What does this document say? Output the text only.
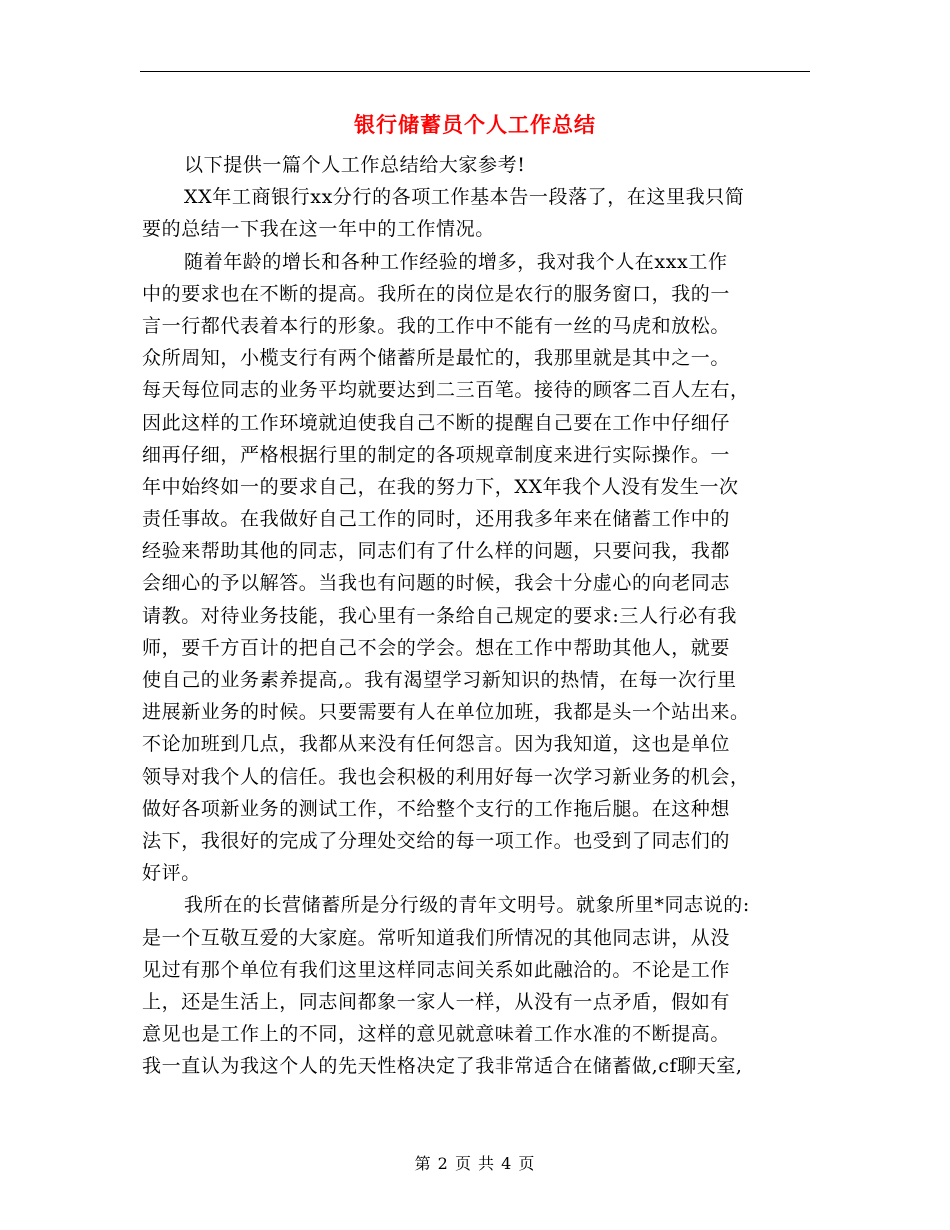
银行储蓄员个人工作总结
以下提供一篇个人工作总结给大家参考!
XX年工商银行xx分行的各项工作基本告一段落了，在这里我只简
要的总结一下我在这一年中的工作情况。
随着年龄的增长和各种工作经验的增多，我对我个人在xxx工作
中的要求也在不断的提高。我所在的岗位是农行的服务窗口，我的一
言一行都代表着本行的形象。我的工作中不能有一丝的马虎和放松。
众所周知，小榄支行有两个储蓄所是最忙的，我那里就是其中之一。
每天每位同志的业务平均就要达到二三百笔。接待的顾客二百人左右，
因此这样的工作环境就迫使我自己不断的提醒自己要在工作中仔细仔
细再仔细，严格根据行里的制定的各项规章制度来进行实际操作。一
年中始终如一的要求自己，在我的努力下，XX年我个人没有发生一次
责任事故。在我做好自己工作的同时，还用我多年来在储蓄工作中的
经验来帮助其他的同志，同志们有了什么样的问题，只要问我，我都
会细心的予以解答。当我也有问题的时候，我会十分虚心的向老同志
请教。对待业务技能，我心里有一条给自己规定的要求:三人行必有我
师，要千方百计的把自己不会的学会。想在工作中帮助其他人，就要
使自己的业务素养提高,。我有渴望学习新知识的热情，在每一次行里
进展新业务的时候。只要需要有人在单位加班，我都是头一个站出来。
不论加班到几点，我都从来没有任何怨言。因为我知道，这也是单位
领导对我个人的信任。我也会积极的利用好每一次学习新业务的机会，
做好各项新业务的测试工作，不给整个支行的工作拖后腿。在这种想
法下，我很好的完成了分理处交给的每一项工作。也受到了同志们的
好评。
我所在的长营储蓄所是分行级的青年文明号。就象所里*同志说的:
是一个互敬互爱的大家庭。常听知道我们所情况的其他同志讲，从没
见过有那个单位有我们这里这样同志间关系如此融洽的。不论是工作
上，还是生活上，同志间都象一家人一样，从没有一点矛盾，假如有
意见也是工作上的不同，这样的意见就意味着工作水准的不断提高。
我一直认为我这个人的先天性格决定了我非常适合在储蓄做,cf聊天室,
第 2 页 共 4 页
